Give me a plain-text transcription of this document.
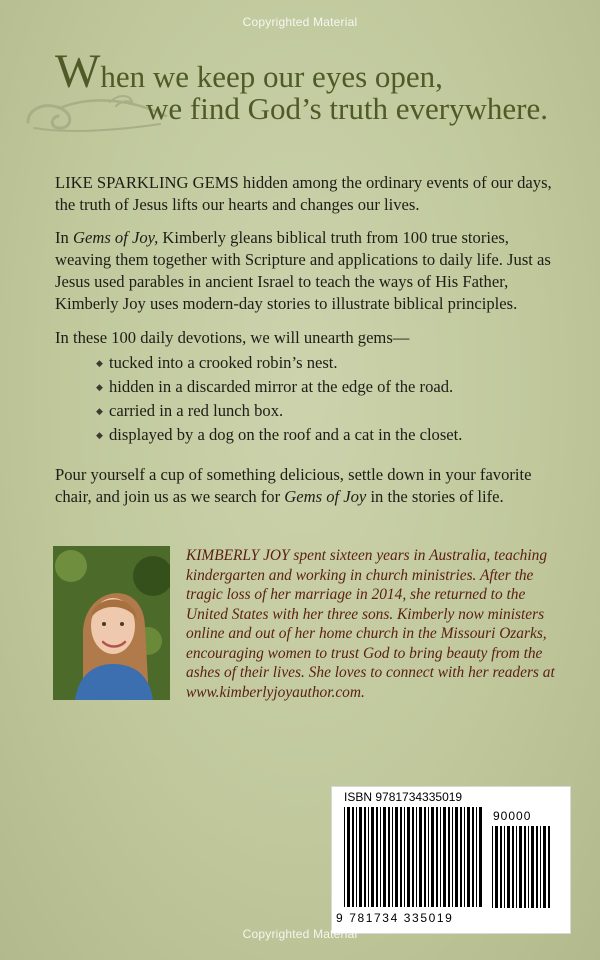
Copyrighted Material
When we keep our eyes open,
we find God’s truth everywhere.
LIKE SPARKLING GEMS hidden among the ordinary events of our days, the truth of Jesus lifts our hearts and changes our lives.
In Gems of Joy, Kimberly gleans biblical truth from 100 true stories, weaving them together with Scripture and applications to daily life. Just as Jesus used parables in ancient Israel to teach the ways of His Father, Kimberly Joy uses modern-day stories to illustrate biblical principles.
In these 100 daily devotions, we will unearth gems—
◆ tucked into a crooked robin’s nest.
◆ hidden in a discarded mirror at the edge of the road.
◆ carried in a red lunch box.
◆ displayed by a dog on the roof and a cat in the closet.
Pour yourself a cup of something delicious, settle down in your favorite chair, and join us as we search for Gems of Joy in the stories of life.
KIMBERLY JOY spent sixteen years in Australia, teaching kindergarten and working in church ministries. After the tragic loss of her marriage in 2014, she returned to the United States with her three sons. Kimberly now ministers online and out of her home church in the Missouri Ozarks, encouraging women to trust God to bring beauty from the ashes of their lives. She loves to connect with her readers at www.kimberlyjoyauthor.com.
ISBN 9781734335019
90000
9 781734 335019
Copyrighted Material
